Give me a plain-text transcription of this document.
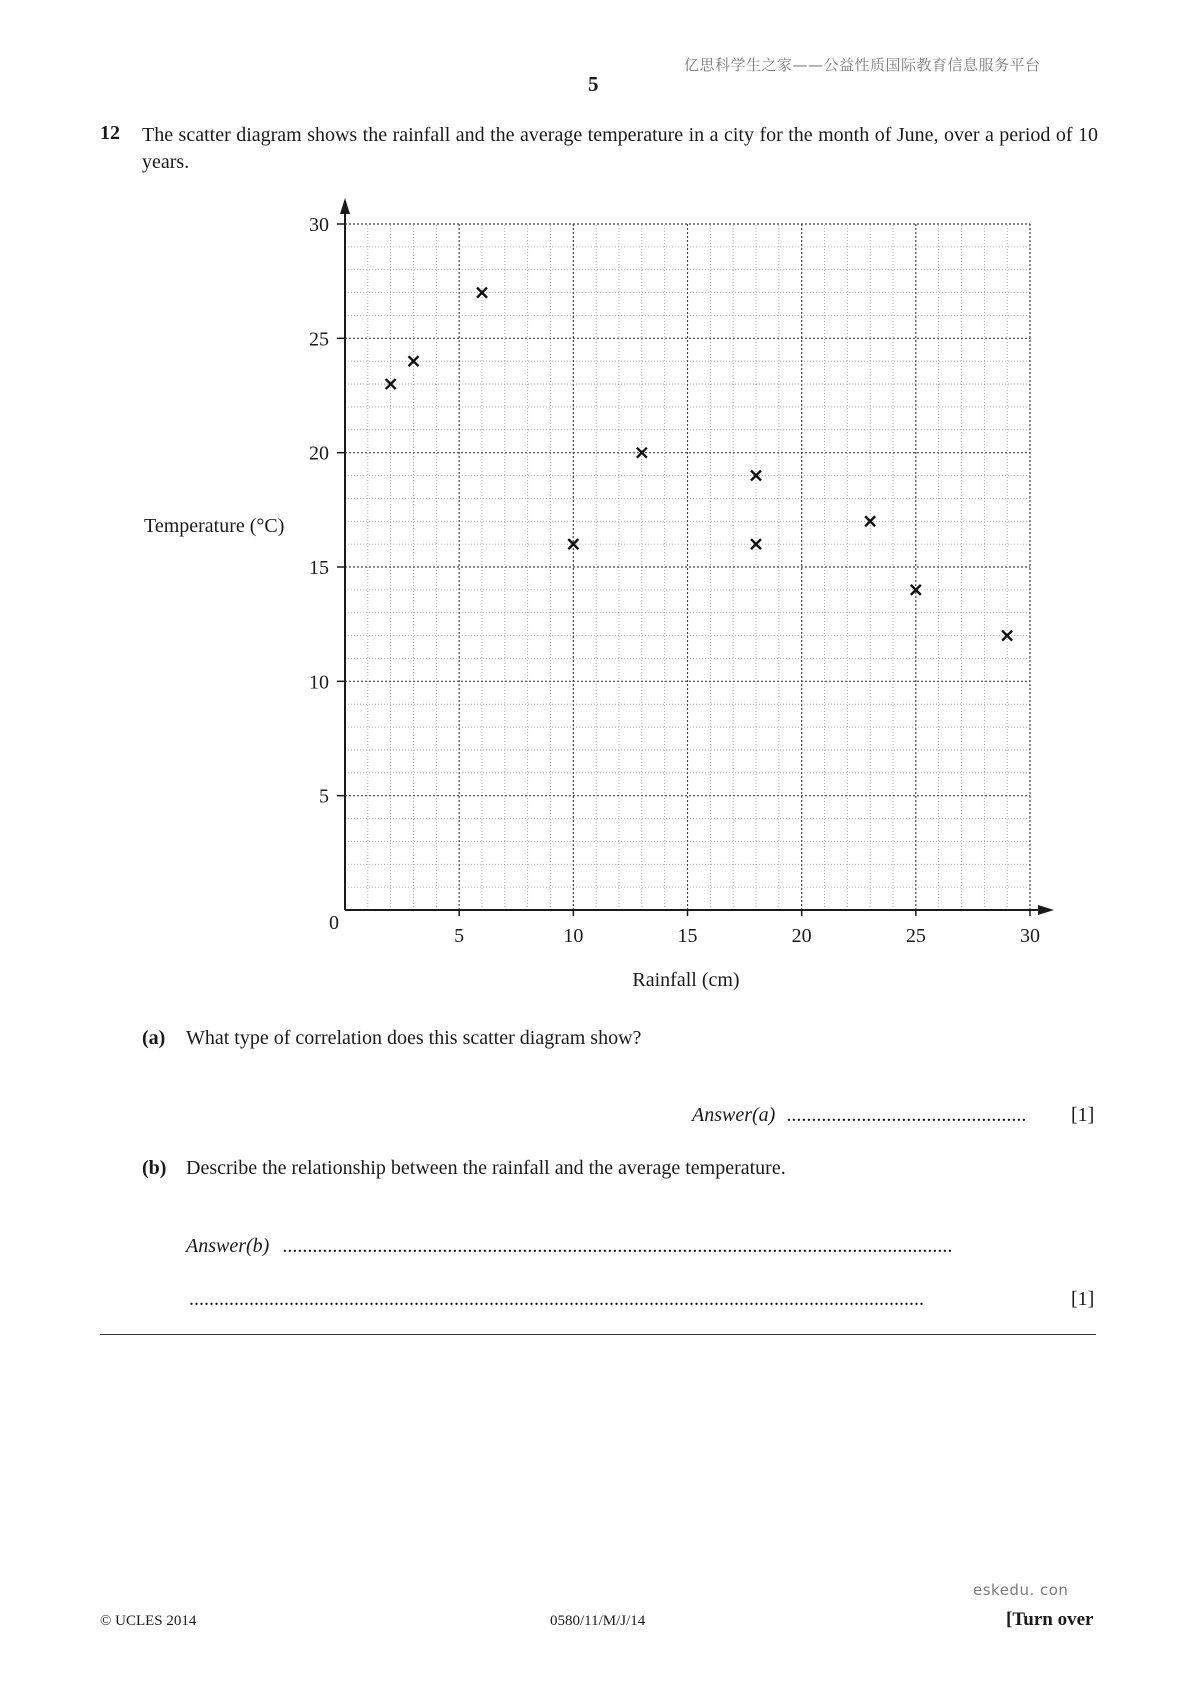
亿思科学生之家——公益性质国际教育信息服务平台
5
12 The scatter diagram shows the rainfall and the average temperature in a city for the month of June, over a period of 10 years.
5	10	15	20	25	30
5
10
15
20
25
30
Temperature (°C)
Rainfall (cm)
0
(a) What type of correlation does this scatter diagram show?
Answer(a) ................................................ [1]
(b) Describe the relationship between the rainfall and the average temperature.
Answer(b) ......................................................................................................................................
...................................................................................................................................................	[1]
eskedu. con
© UCLES 2014	0580/11/M/J/14	[Turn over
